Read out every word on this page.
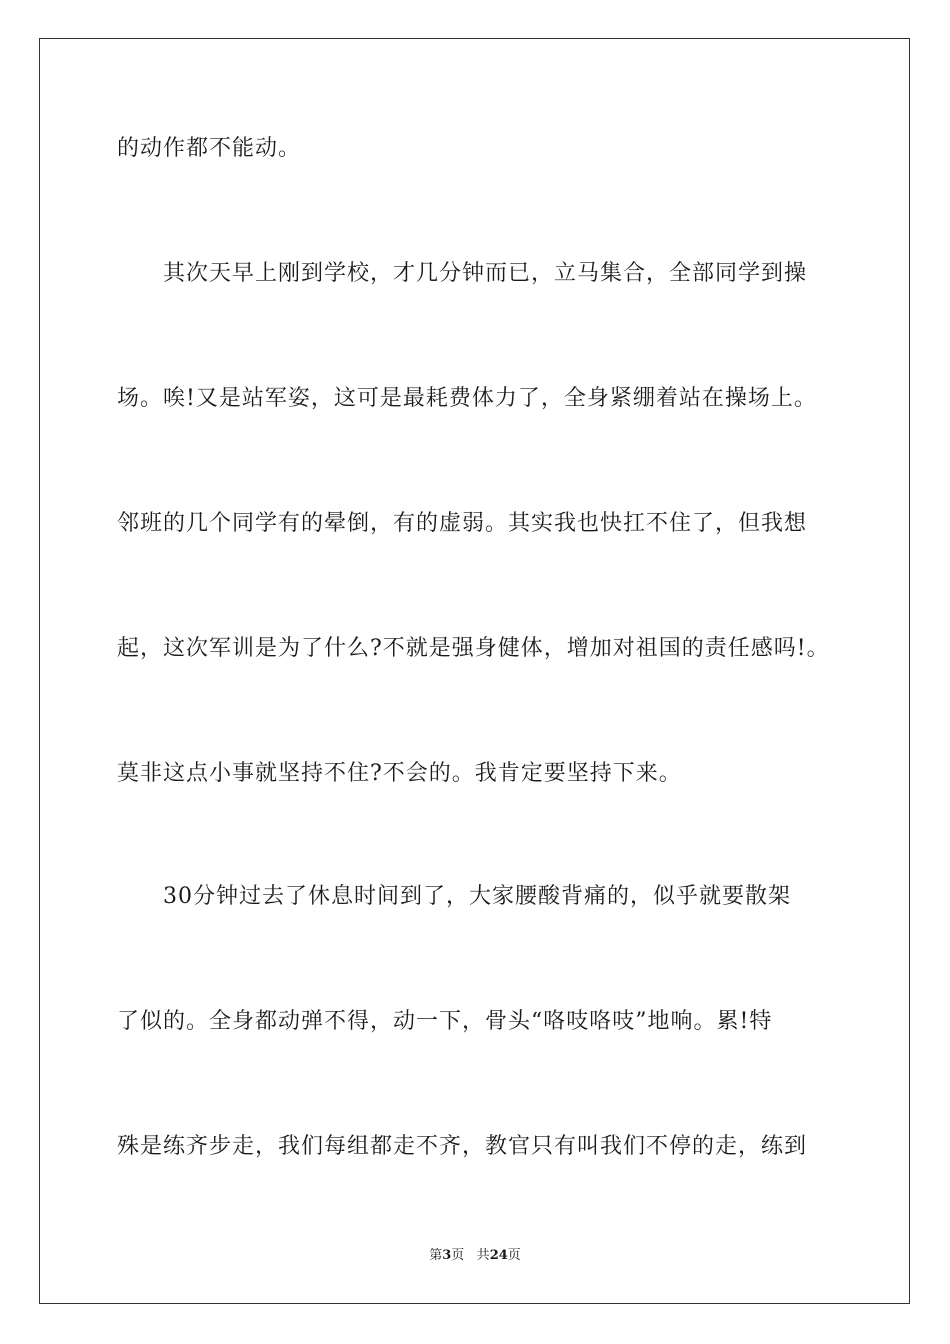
的动作都不能动。
其次天早上刚到学校，才几分钟而已，立马集合，全部同学到操
场。唉!又是站军姿，这可是最耗费体力了，全身紧绷着站在操场上。
邻班的几个同学有的晕倒，有的虚弱。其实我也快扛不住了，但我想
起，这次军训是为了什么?不就是强身健体，增加对祖国的责任感吗!。
莫非这点小事就坚持不住?不会的。我肯定要坚持下来。
30分钟过去了休息时间到了，大家腰酸背痛的，似乎就要散架
了似的。全身都动弹不得，动一下，骨头“咯吱咯吱”地响。累!特
殊是练齐步走，我们每组都走不齐，教官只有叫我们不停的走，练到
第3页 共24页
